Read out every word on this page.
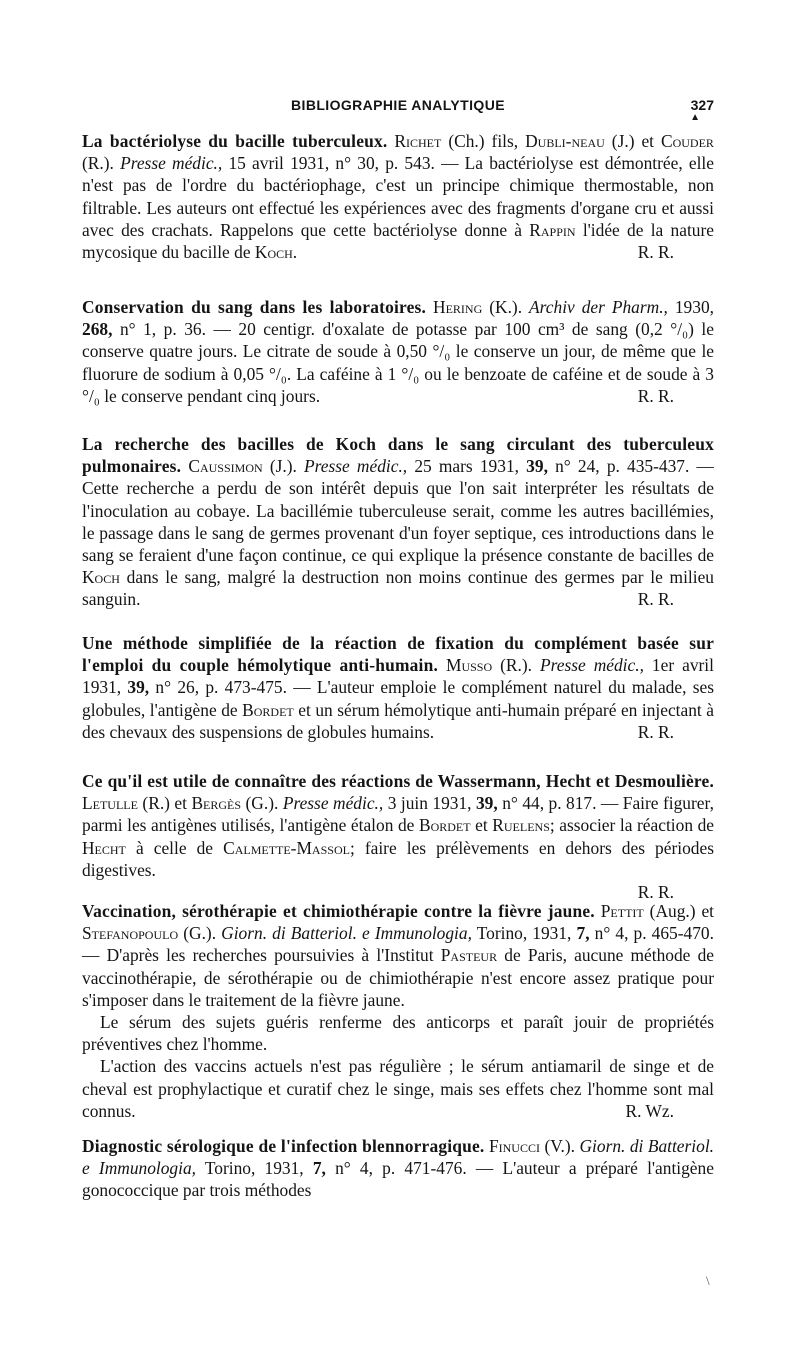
BIBLIOGRAPHIE ANALYTIQUE	327
▲

La bactériolyse du bacille tuberculeux. Richet (Ch.) fils, Dubli-neau (J.) et Couder (R.). Presse médic., 15 avril 1931, n° 30, p. 543. — La bactériolyse est démontrée, elle n'est pas de l'ordre du bactériophage, c'est un principe chimique thermostable, non filtrable. Les auteurs ont effectué les expériences avec des fragments d'organe cru et aussi avec des crachats. Rappelons que cette bactériolyse donne à Rappin l'idée de la nature mycosique du bacille de Koch.	R. R.

Conservation du sang dans les laboratoires. Hering (K.). Archiv der Pharm., 1930, 268, n° 1, p. 36. — 20 centigr. d'oxalate de potasse par 100 cm³ de sang (0,2 °/₀) le conserve quatre jours. Le citrate de soude à 0,50 °/₀ le conserve un jour, de même que le fluorure de sodium à 0,05 °/₀. La caféine à 1 °/₀ ou le benzoate de caféine et de soude à 3 °/₀ le conserve pendant cinq jours.	R. R.

La recherche des bacilles de Koch dans le sang circulant des tuberculeux pulmonaires. Caussimon (J.). Presse médic., 25 mars 1931, 39, n° 24, p. 435-437. — Cette recherche a perdu de son intérêt depuis que l'on sait interpréter les résultats de l'inoculation au cobaye. La bacillémie tuberculeuse serait, comme les autres bacillémies, le passage dans le sang de germes provenant d'un foyer septique, ces introductions dans le sang se feraient d'une façon continue, ce qui explique la présence constante de bacilles de Koch dans le sang, malgré la destruction non moins continue des germes par le milieu sanguin.	R. R.

Une méthode simplifiée de la réaction de fixation du complément basée sur l'emploi du couple hémolytique anti-humain. Musso (R.). Presse médic., 1er avril 1931, 39, n° 26, p. 473-475. — L'auteur emploie le complément naturel du malade, ses globules, l'antigène de Bordet et un sérum hémolytique anti-humain préparé en injectant à des chevaux des suspensions de globules humains.	R. R.

Ce qu'il est utile de connaître des réactions de Wassermann, Hecht et Desmoulière. Letulle (R.) et Bergès (G.). Presse médic., 3 juin 1931, 39, n° 44, p. 817. — Faire figurer, parmi les antigènes utilisés, l'antigène étalon de Bordet et Ruelens; associer la réaction de Hecht à celle de Calmette-Massol; faire les prélèvements en dehors des périodes digestives.

R. R.

Vaccination, sérothérapie et chimiothérapie contre la fièvre jaune. Pettit (Aug.) et Stefanopoulo (G.). Giorn. di Batteriol. e Immunologia, Torino, 1931, 7, n° 4, p. 465-470. — D'après les recherches poursuivies à l'Institut Pasteur de Paris, aucune méthode de vaccinothérapie, de sérothérapie ou de chimiothérapie n'est encore assez pratique pour s'imposer dans le traitement de la fièvre jaune.

Le sérum des sujets guéris renferme des anticorps et paraît jouir de propriétés préventives chez l'homme.

L'action des vaccins actuels n'est pas régulière ; le sérum antiamaril de singe et de cheval est prophylactique et curatif chez le singe, mais ses effets chez l'homme sont mal connus.	R. Wz.

Diagnostic sérologique de l'infection blennorragique. Finucci (V.). Giorn. di Batteriol. e Immunologia, Torino, 1931, 7, n° 4, p. 471-476. — L'auteur a préparé l'antigène gonococcique par trois méthodes

\
